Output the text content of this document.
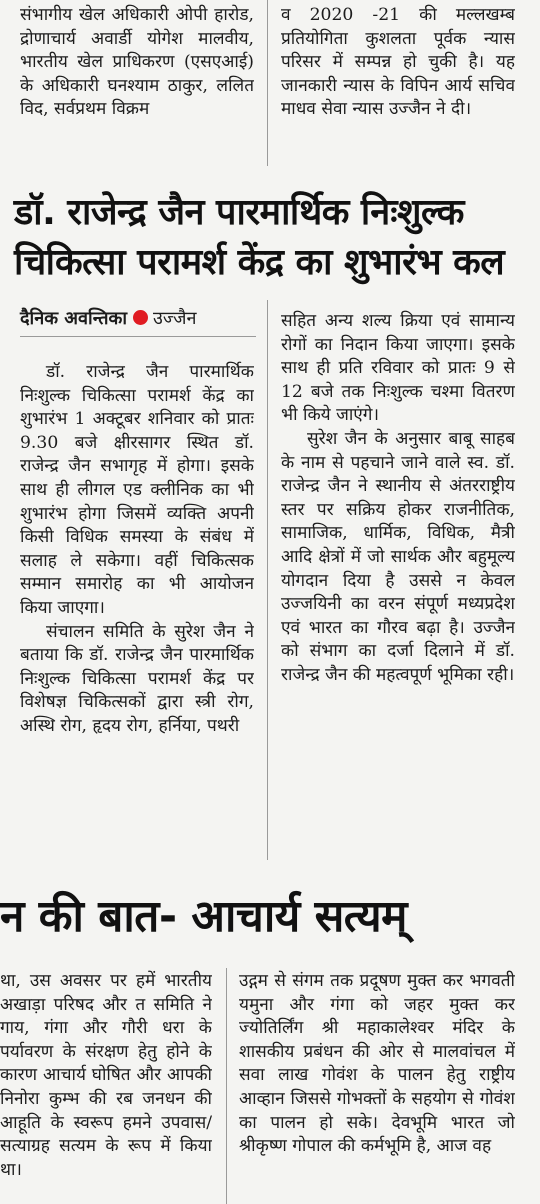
संभागीय खेल अधिकारी ओपी हारोड, द्रोणाचार्य अवार्डी योगेश मालवीय, भारतीय खेल प्राधिकरण (एसएआई) के अधिकारी घनश्याम ठाकुर, ललित विद, सर्वप्रथम विक्रम

व 2020 -21 की मल्लखम्ब प्रतियोगिता कुशलता पूर्वक न्यास परिसर में सम्पन्न हो चुकी है। यह जानकारी न्यास के विपिन आर्य सचिव माधव सेवा न्यास उज्जैन ने दी।

डॉ. राजेन्द्र जैन पारमार्थिक निःशुल्क
चिकित्सा परामर्श केंद्र का शुभारंभ कल
दैनिक अवन्तिका उज्जैन

डॉ. राजेन्द्र जैन पारमार्थिक निःशुल्क चिकित्सा परामर्श केंद्र का शुभारंभ 1 अक्टूबर शनिवार को प्रातः 9.30 बजे क्षीरसागर स्थित डॉ. राजेन्द्र जैन सभागृह में होगा। इसके साथ ही लीगल एड क्लीनिक का भी शुभारंभ होगा जिसमें व्यक्ति अपनी किसी विधिक समस्या के संबंध में सलाह ले सकेगा। वहीं चिकित्सक सम्मान समारोह का भी आयोजन किया जाएगा।

संचालन समिति के सुरेश जैन ने बताया कि डॉ. राजेन्द्र जैन पारमार्थिक निःशुल्क चिकित्सा परामर्श केंद्र पर विशेषज्ञ चिकित्सकों द्वारा स्त्री रोग, अस्थि रोग, हृदय रोग, हर्निया, पथरी

सहित अन्य शल्य क्रिया एवं सामान्य रोगों का निदान किया जाएगा। इसके साथ ही प्रति रविवार को प्रातः 9 से 12 बजे तक निःशुल्क चश्मा वितरण भी किये जाएंगे।

सुरेश जैन के अनुसार बाबू साहब के नाम से पहचाने जाने वाले स्व. डॉ. राजेन्द्र जैन ने स्थानीय से अंतरराष्ट्रीय स्तर पर सक्रिय होकर राजनीतिक, सामाजिक, धार्मिक, विधिक, मैत्री आदि क्षेत्रों में जो सार्थक और बहुमूल्य योगदान दिया है उससे न केवल उज्जयिनी का वरन संपूर्ण मध्यप्रदेश एवं भारत का गौरव बढ़ा है। उज्जैन को संभाग का दर्जा दिलाने में डॉ. राजेन्द्र जैन की महत्वपूर्ण भूमिका रही।

न की बात- आचार्य सत्यम्

था, उस अवसर पर हमें भारतीय अखाड़ा परिषद और त समिति ने गाय, गंगा और गौरी धरा के पर्यावरण के संरक्षण हेतु होने के कारण आचार्य घोषित और आपकी निनोरा कुम्भ की रब जनधन की आहूति के स्वरूप हमने उपवास/सत्याग्रह सत्यम के रूप में किया था।

उद्गम से संगम तक प्रदूषण मुक्त कर भगवती यमुना और गंगा को जहर मुक्त कर ज्योतिर्लिंग श्री महाकालेश्वर मंदिर के शासकीय प्रबंधन की ओर से मालवांचल में सवा लाख गोवंश के पालन हेतु राष्ट्रीय आव्हान जिससे गोभक्तों के सहयोग से गोवंश का पालन हो सके। देवभूमि भारत जो श्रीकृष्ण गोपाल की कर्मभूमि है, आज वह
